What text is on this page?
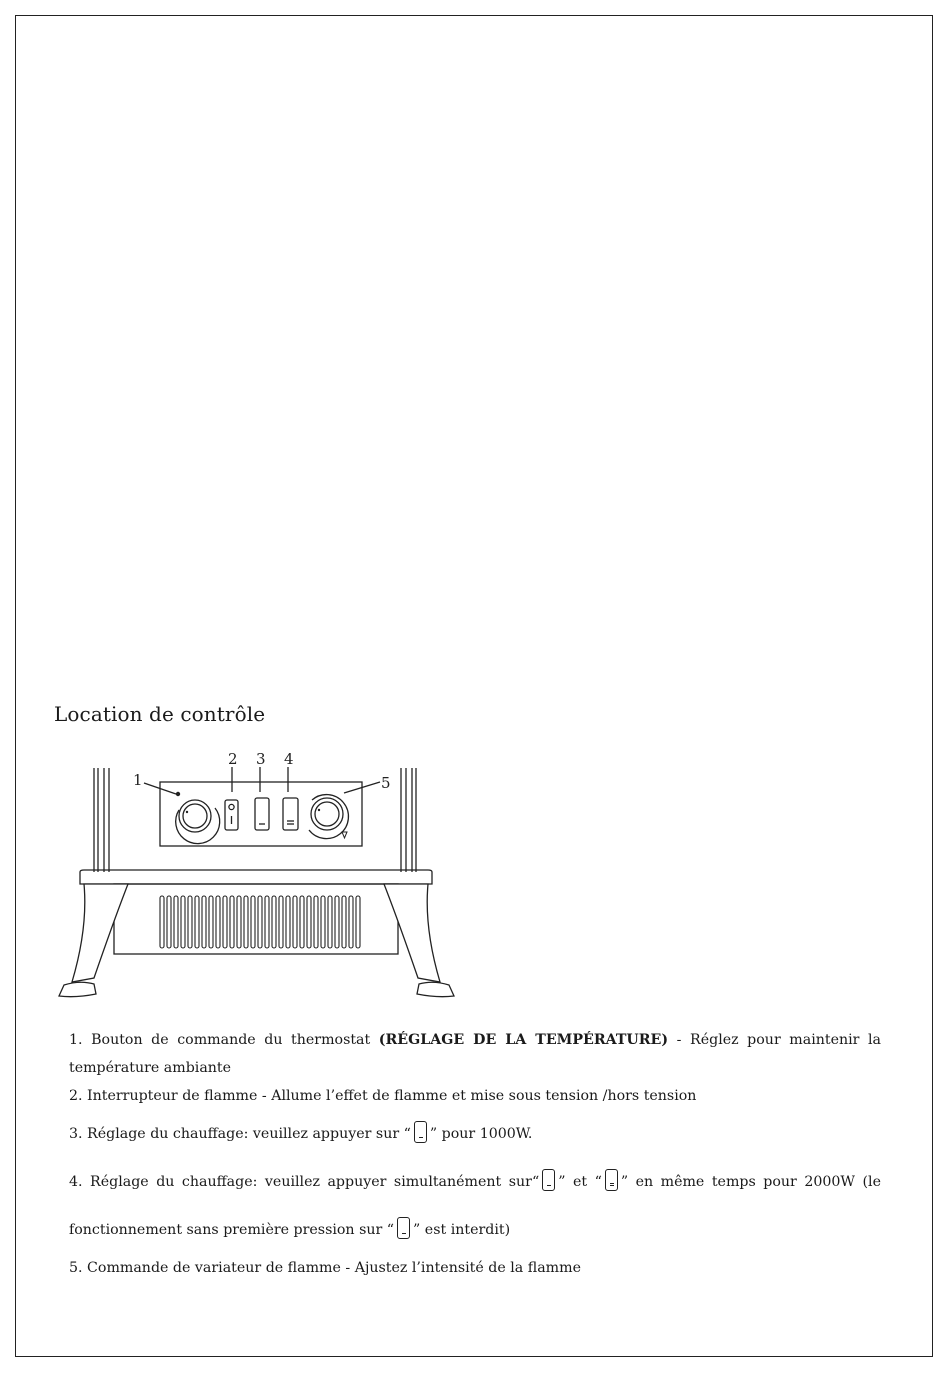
Location de contrôle
1
2 3 4
5

1. Bouton de commande du thermostat (RÉGLAGE DE LA TEMPÉRATURE) - Réglez pour maintenir la température ambiante

2. Interrupteur de flamme - Allume l’effet de flamme et mise sous tension /hors tension

3. Réglage du chauffage: veuillez appuyer sur “ ” pour 1000W.

4. Réglage du chauffage: veuillez appuyer simultanément sur“ ” et “ ” en même temps pour 2000W (le

fonctionnement sans première pression sur “ ” est interdit)

5. Commande de variateur de flamme - Ajustez l’intensité de la flamme
